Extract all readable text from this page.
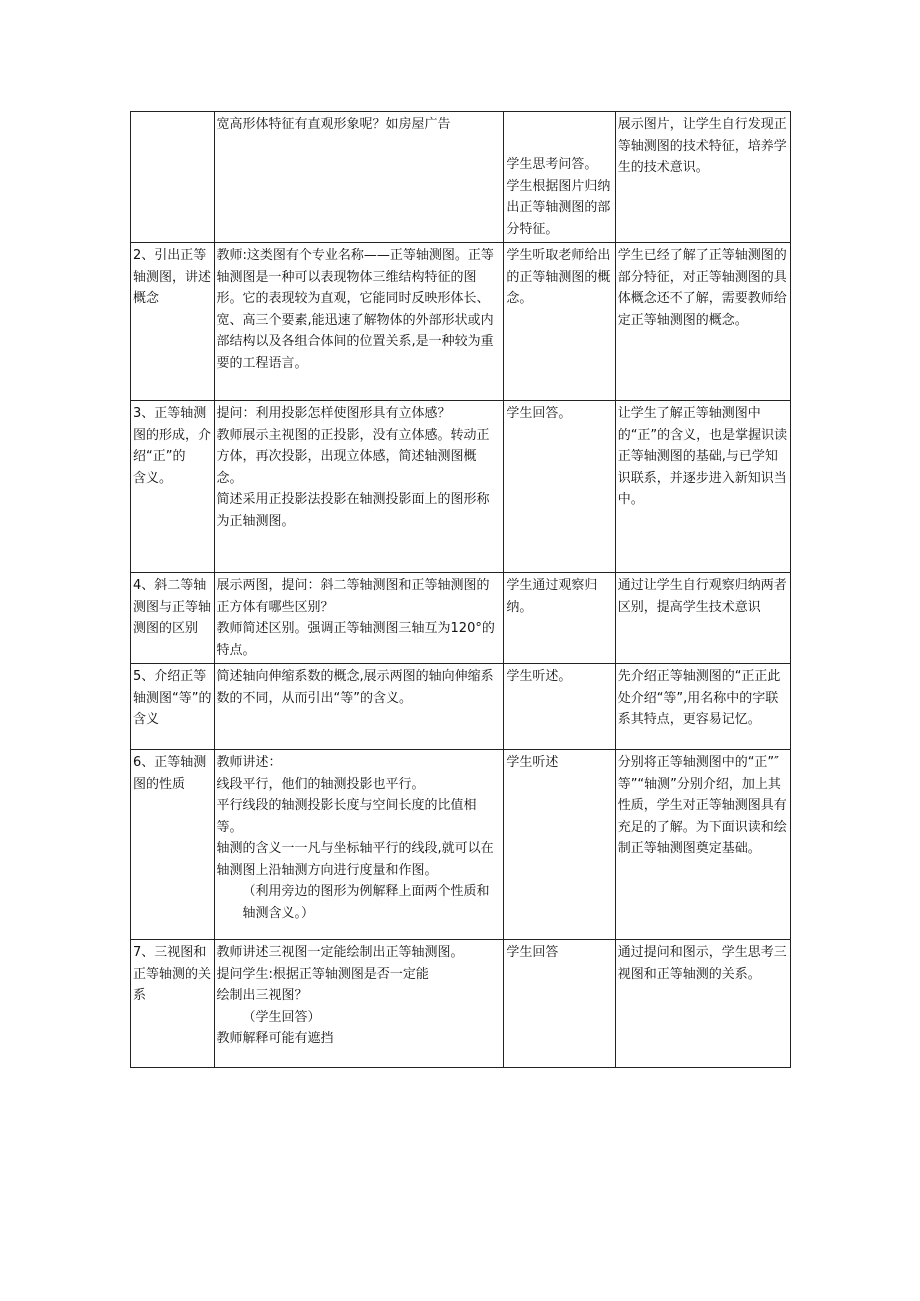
	宽高形体特征有直观形象呢？如房屋广告	学生思考问答。
学生根据图片归纳出正等轴测图的部分特征。	展示图片，让学生自行发现正等轴测图的技术特征，培养学生的技术意识。

2、引出正等轴测图，讲述概念	教师:这类图有个专业名称——正等轴测图。正等轴测图是一种可以表现物体三维结构特征的图形。它的表现较为直观，它能同时反映形体长、宽、高三个要素,能迅速了解物体的外部形状或内部结构以及各组合体间的位置关系,是一种较为重要的工程语言。	学生听取老师给出的正等轴测图的概念。	学生已经了解了正等轴测图的部分特征，对正等轴测图的具体概念还不了解，需要教师给定正等轴测图的概念。

3、正等轴测图的形成，介绍“正”的
含义。	提问：利用投影怎样使图形具有立体感？
教师展示主视图的正投影，没有立体感。转动正方体，再次投影，出现立体感，简述轴测图概念。
简述采用正投影法投影在轴测投影面上的图形称为正轴测图。	学生回答。	让学生了解正等轴测图中的“正”的含义，也是掌握识读正等轴测图的基础,与已学知识联系，并逐步进入新知识当中。

4、斜二等轴测图与正等轴测图的区别	展示两图，提问：斜二等轴测图和正等轴测图的正方体有哪些区别？
教师简述区别。强调正等轴测图三轴互为120°的特点。	学生通过观察归纳。	通过让学生自行观察归纳两者区别，提高学生技术意识

5、介绍正等轴测图“等”的
含义	简述轴向伸缩系数的概念,展示两图的轴向伸缩系数的不同，从而引出“等”的含义。	学生听述。	先介绍正等轴测图的“正正此处介绍“等”,用名称中的字联系其特点，更容易记忆。

6、正等轴测图的性质	教师讲述：
线段平行，他们的轴测投影也平行。
平行线段的轴测投影长度与空间长度的比值相等。
轴测的含义一一凡与坐标轴平行的线段,就可以在轴测图上沿轴测方向进行度量和作图。
（利用旁边的图形为例解释上面两个性质和轴测含义。）	学生听述	分别将正等轴测图中的“正”″等”“轴测”分别介绍，加上其性质，学生对正等轴测图具有充足的了解。为下面识读和绘制正等轴测图奠定基础。

7、三视图和正等轴测的关系	教师讲述三视图一定能绘制出正等轴测图。
提问学生:根据正等轴测图是否一定能
绘制出三视图？
（学生回答）
教师解释可能有遮挡	学生回答	通过提问和图示，学生思考三视图和正等轴测的关系。
